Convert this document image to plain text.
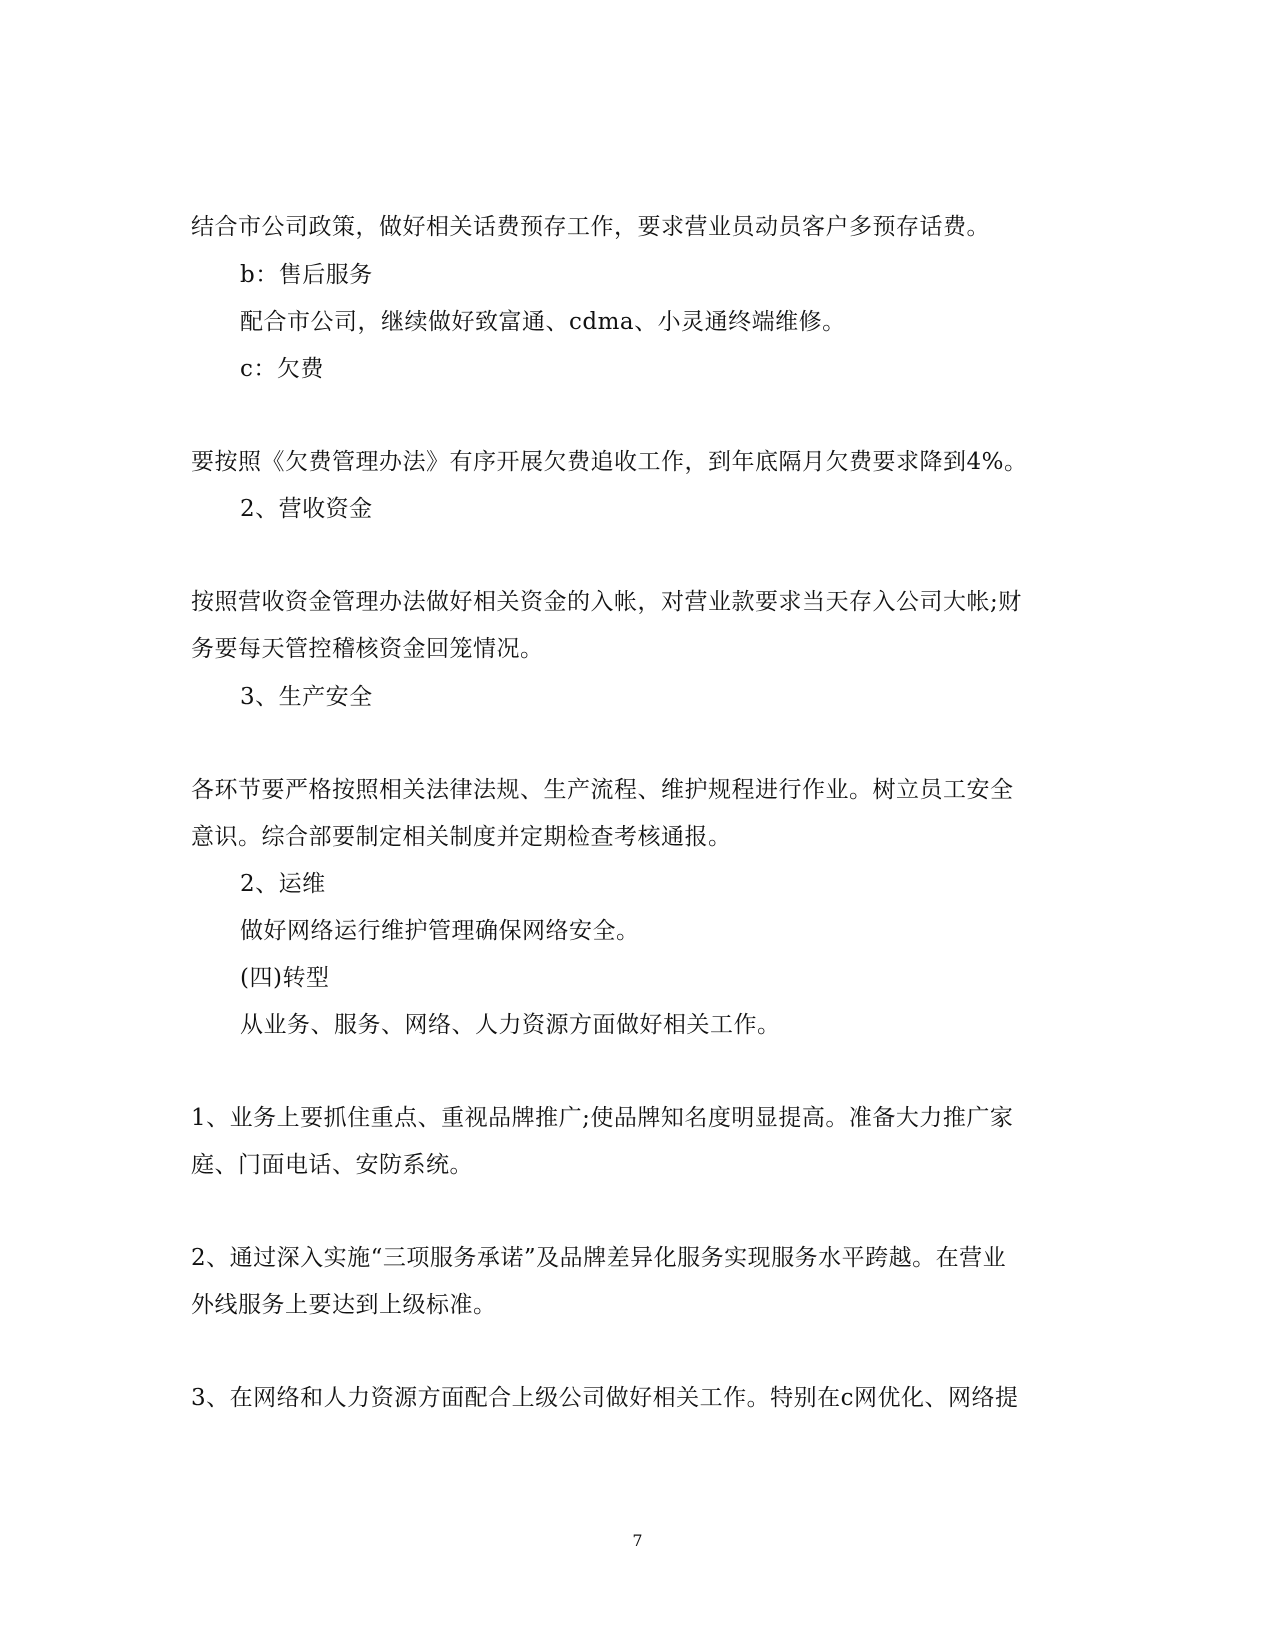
结合市公司政策，做好相关话费预存工作，要求营业员动员客户多预存话费。
b：售后服务
配合市公司，继续做好致富通、cdma、小灵通终端维修。
c：欠费
要按照《欠费管理办法》有序开展欠费追收工作，到年底隔月欠费要求降到4%。
2、营收资金
按照营收资金管理办法做好相关资金的入帐，对营业款要求当天存入公司大帐;财
务要每天管控稽核资金回笼情况。
3、生产安全
各环节要严格按照相关法律法规、生产流程、维护规程进行作业。树立员工安全
意识。综合部要制定相关制度并定期检查考核通报。
2、运维
做好网络运行维护管理确保网络安全。
(四)转型
从业务、服务、网络、人力资源方面做好相关工作。
1、业务上要抓住重点、重视品牌推广;使品牌知名度明显提高。准备大力推广家
庭、门面电话、安防系统。
2、通过深入实施“三项服务承诺”及品牌差异化服务实现服务水平跨越。在营业
外线服务上要达到上级标准。
3、在网络和人力资源方面配合上级公司做好相关工作。特别在c网优化、网络提
7
